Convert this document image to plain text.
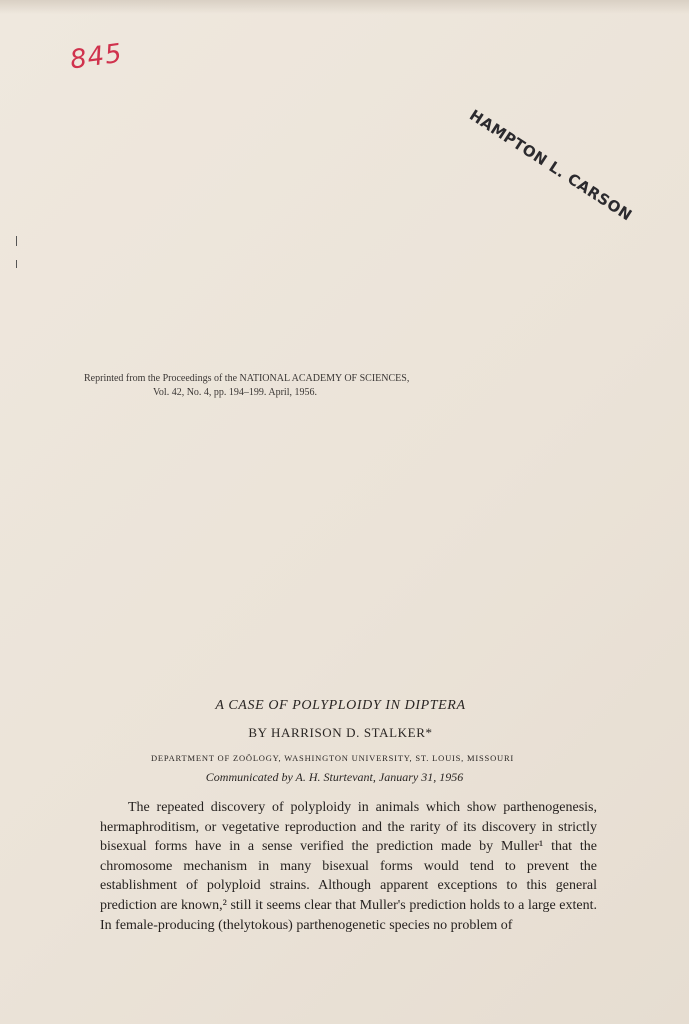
845
HAMPTON L. CARSON
Reprinted from the Proceedings of the NATIONAL ACADEMY OF SCIENCES,
Vol. 42, No. 4, pp. 194–199. April, 1956.
A CASE OF POLYPLOIDY IN DIPTERA
BY HARRISON D. STALKER*
DEPARTMENT OF ZOÖLOGY, WASHINGTON UNIVERSITY, ST. LOUIS, MISSOURI
Communicated by A. H. Sturtevant, January 31, 1956

The repeated discovery of polyploidy in animals which show parthenogenesis, hermaphroditism, or vegetative reproduction and the rarity of its discovery in strictly bisexual forms have in a sense verified the prediction made by Muller¹ that the chromosome mechanism in many bisexual forms would tend to prevent the establishment of polyploid strains. Although apparent exceptions to this general prediction are known,² still it seems clear that Muller's prediction holds to a large extent. In female-producing (thelytokous) parthenogenetic species no problem of
